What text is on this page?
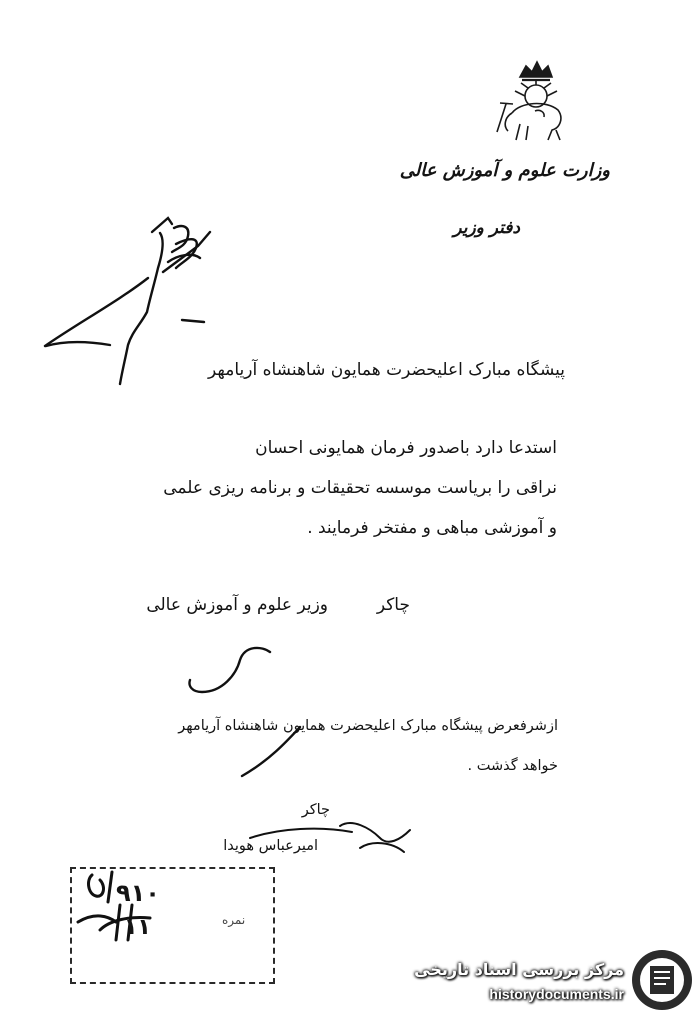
وزارت علوم و آموزش عالی
دفتر وزیر
پیشگاه مبارک اعلیحضرت همایون شاهنشاه آریامهر
استدعا دارد باصدور فرمان همایونی احسان
نراقی را بریاست موسسه تحقیقات و برنامه ریزی علمی
و آموزشی مباهی و مفتخر فرمایند .
چاکر
وزیر علوم و آموزش عالی
ازشرفعرض پیشگاه مبارک اعلیحضرت همایون شاهنشاه آریامهر
خواهد گذشت .
چاکر
امیرعباس هویدا
۹۱۰
۱۱	نمره
مرکز بررسی اسناد تاریخی
historydocuments.ir
